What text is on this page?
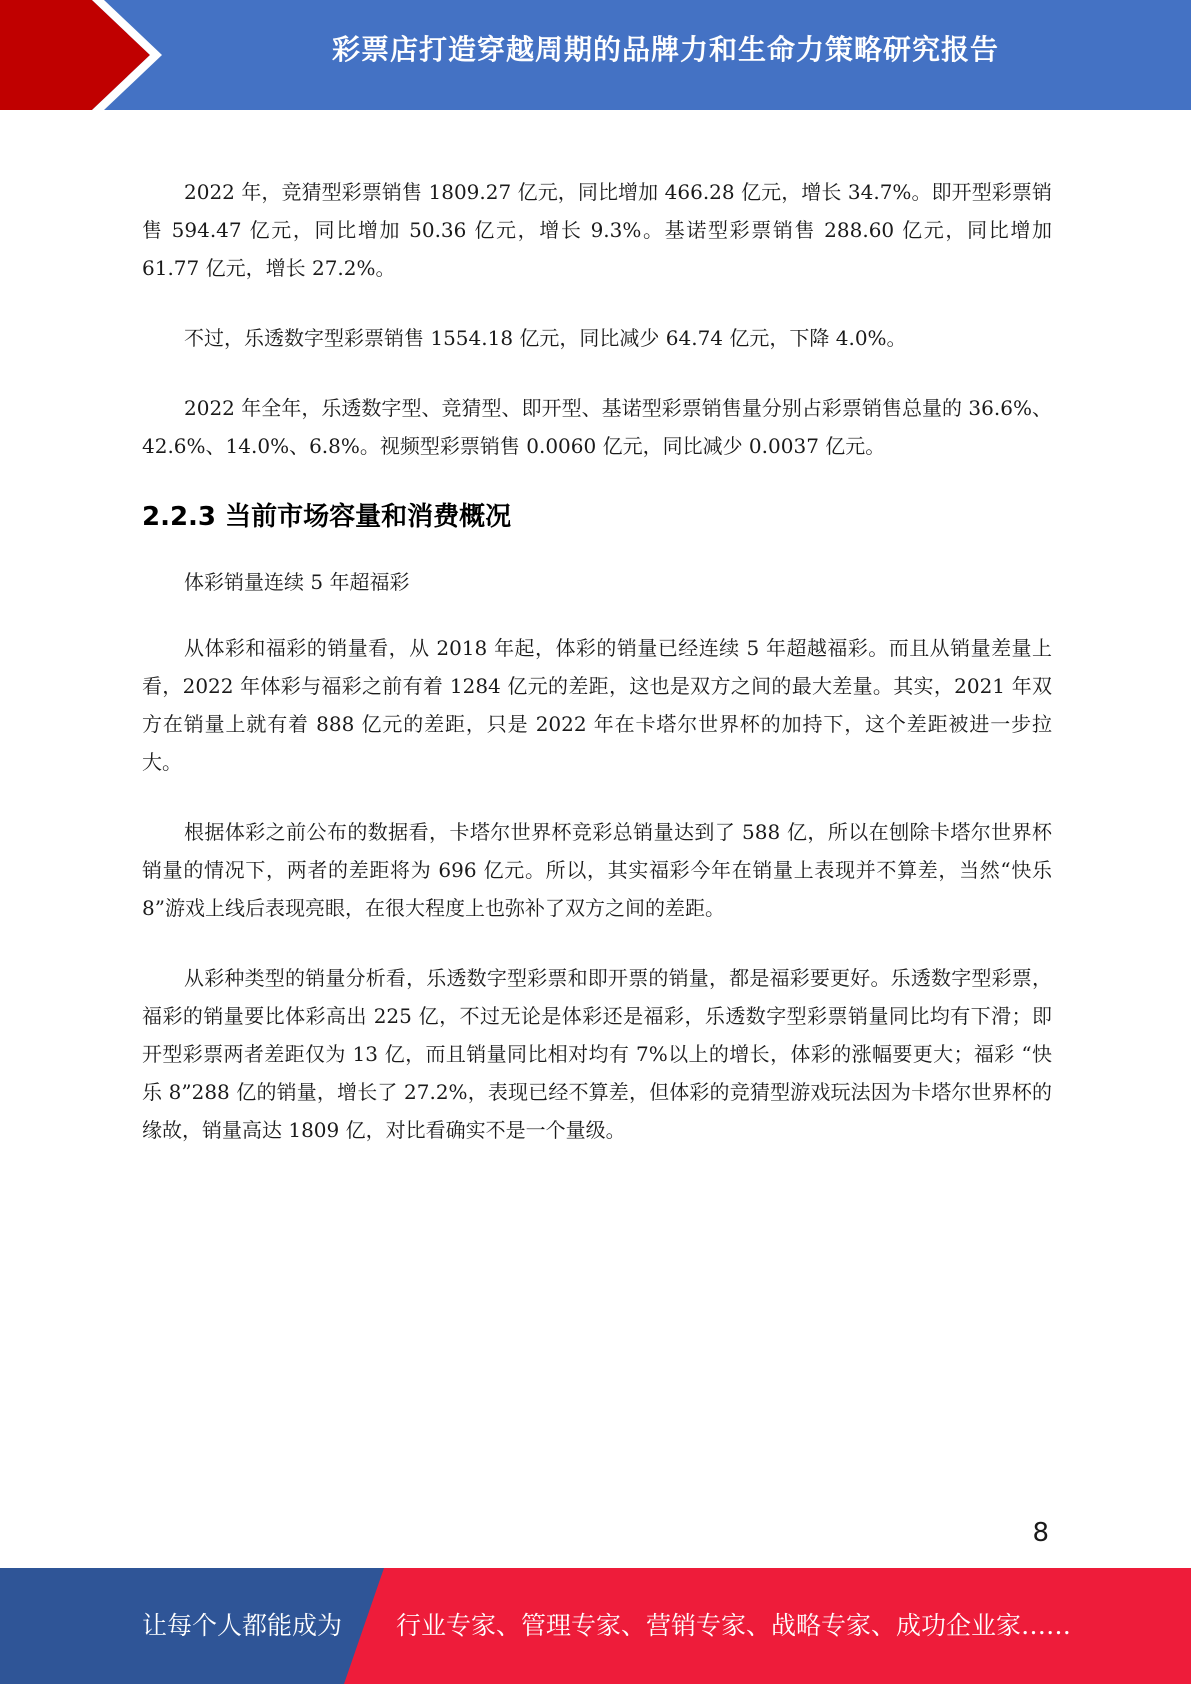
彩票店打造穿越周期的品牌力和生命力策略研究报告

2022 年，竞猜型彩票销售 1809.27 亿元，同比增加 466.28 亿元，增长 34.7%。即开型彩票销售 594.47 亿元，同比增加 50.36 亿元，增长 9.3%。基诺型彩票销售 288.60 亿元，同比增加 61.77 亿元，增长 27.2%。

不过，乐透数字型彩票销售 1554.18 亿元，同比减少 64.74 亿元，下降 4.0%。

2022 年全年，乐透数字型、竞猜型、即开型、基诺型彩票销售量分别占彩票销售总量的 36.6%、42.6%、14.0%、6.8%。视频型彩票销售 0.0060 亿元，同比减少 0.0037 亿元。

2.2.3 当前市场容量和消费概况

体彩销量连续 5 年超福彩

从体彩和福彩的销量看，从 2018 年起，体彩的销量已经连续 5 年超越福彩。而且从销量差量上看，2022 年体彩与福彩之前有着 1284 亿元的差距，这也是双方之间的最大差量。其实，2021 年双方在销量上就有着 888 亿元的差距，只是 2022 年在卡塔尔世界杯的加持下，这个差距被进一步拉大。

根据体彩之前公布的数据看，卡塔尔世界杯竞彩总销量达到了 588 亿，所以在刨除卡塔尔世界杯销量的情况下，两者的差距将为 696 亿元。所以，其实福彩今年在销量上表现并不算差，当然“快乐 8”游戏上线后表现亮眼，在很大程度上也弥补了双方之间的差距。

从彩种类型的销量分析看，乐透数字型彩票和即开票的销量，都是福彩要更好。乐透数字型彩票，福彩的销量要比体彩高出 225 亿，不过无论是体彩还是福彩，乐透数字型彩票销量同比均有下滑；即开型彩票两者差距仅为 13 亿，而且销量同比相对均有 7%以上的增长，体彩的涨幅要更大；福彩 “快乐 8”288 亿的销量，增长了 27.2%，表现已经不算差，但体彩的竞猜型游戏玩法因为卡塔尔世界杯的缘故，销量高达 1809 亿，对比看确实不是一个量级。

8
让每个人都能成为 行业专家、管理专家、营销专家、战略专家、成功企业家……
